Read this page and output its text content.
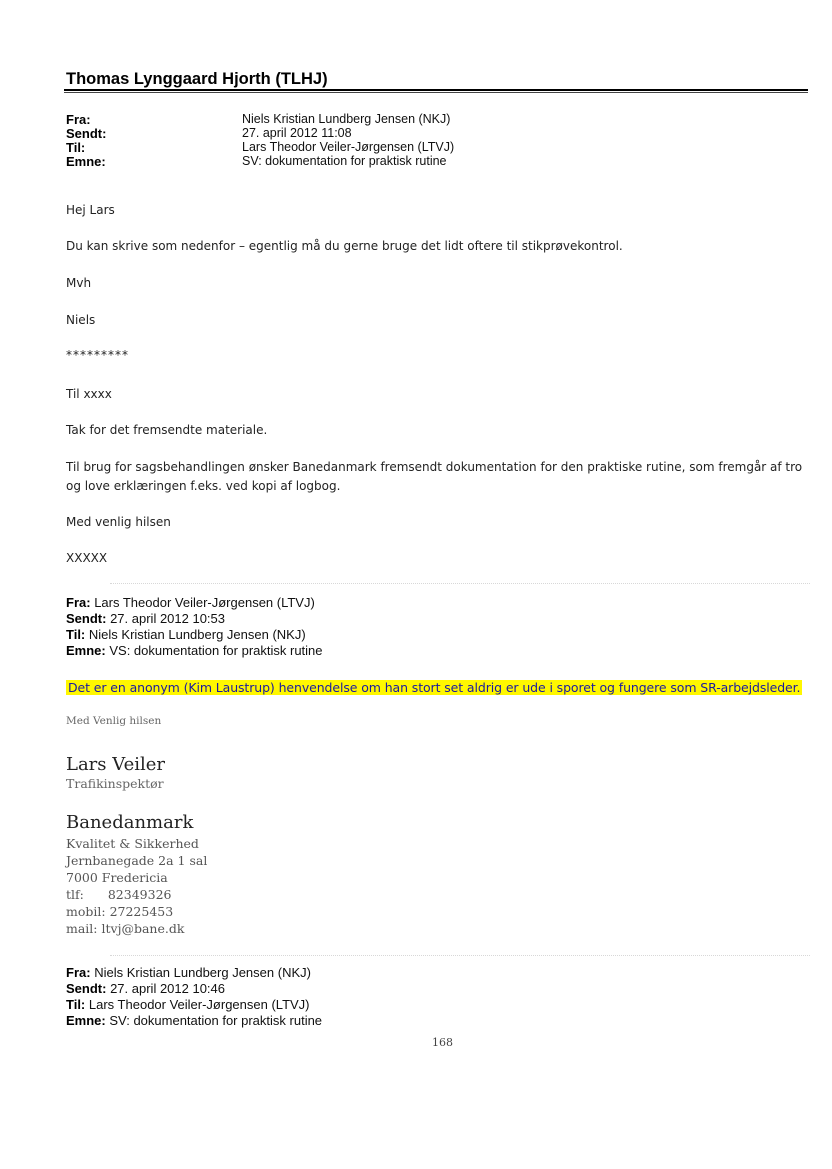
Thomas Lynggaard Hjorth (TLHJ)
Fra:
Sendt:
Til:
Emne:
Niels Kristian Lundberg Jensen (NKJ)
27. april 2012 11:08
Lars Theodor Veiler-Jørgensen (LTVJ)
SV: dokumentation for praktisk rutine
Hej Lars
Du kan skrive som nedenfor – egentlig må du gerne bruge det lidt oftere til stikprøvekontrol.
Mvh
Niels
*********
Til xxxx
Tak for det fremsendte materiale.
Til brug for sagsbehandlingen ønsker Banedanmark fremsendt dokumentation for den praktiske rutine, som fremgår af tro og love erklæringen f.eks. ved kopi af logbog.
Med venlig hilsen
XXXXX
Fra: Lars Theodor Veiler-Jørgensen (LTVJ)
Sendt: 27. april 2012 10:53
Til: Niels Kristian Lundberg Jensen (NKJ)
Emne: VS: dokumentation for praktisk rutine
Det er en anonym (Kim Laustrup) henvendelse om han stort set aldrig er ude i sporet og fungere som SR-arbejdsleder.
Med Venlig hilsen
Lars Veiler
Trafikinspektør
Banedanmark
Kvalitet & Sikkerhed
Jernbanegade 2a 1 sal
7000 Fredericia
tlf: 82349326
mobil: 27225453
mail: ltvj@bane.dk
Fra: Niels Kristian Lundberg Jensen (NKJ)
Sendt: 27. april 2012 10:46
Til: Lars Theodor Veiler-Jørgensen (LTVJ)
Emne: SV: dokumentation for praktisk rutine
168
